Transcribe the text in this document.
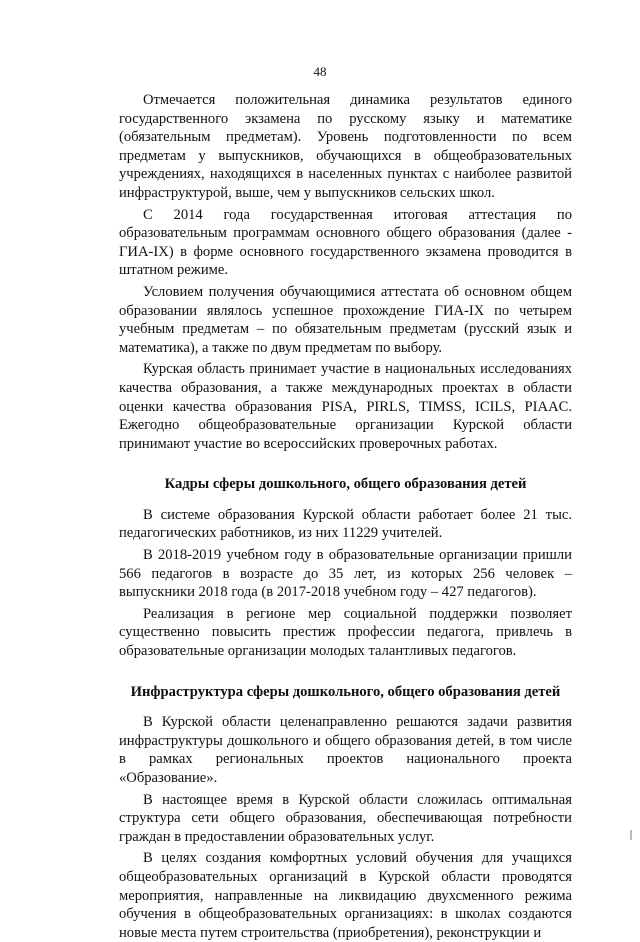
48

Отмечается положительная динамика результатов единого государственного экзамена по русскому языку и математике (обязательным предметам). Уровень подготовленности по всем предметам у выпускников, обучающихся в общеобразовательных учреждениях, находящихся в населенных пунктах с наиболее развитой инфраструктурой, выше, чем у выпускников сельских школ.

С 2014 года государственная итоговая аттестация по образовательным программам основного общего образования (далее - ГИА-IX) в форме основного государственного экзамена проводится в штатном режиме.

Условием получения обучающимися аттестата об основном общем образовании являлось успешное прохождение ГИА-IX по четырем учебным предметам – по обязательным предметам (русский язык и математика), а также по двум предметам по выбору.

Курская область принимает участие в национальных исследованиях качества образования, а также международных проектах в области оценки качества образования PISA, PIRLS, TIMSS, ICILS, PIAAC. Ежегодно общеобразовательные организации Курской области принимают участие во всероссийских проверочных работах.

Кадры сферы дошкольного, общего образования детей

В системе образования Курской области работает более 21 тыс. педагогических работников, из них 11229 учителей.

В 2018-2019 учебном году в образовательные организации пришли 566 педагогов в возрасте до 35 лет, из которых 256 человек – выпускники 2018 года (в 2017-2018 учебном году – 427 педагогов).

Реализация в регионе мер социальной поддержки позволяет существенно повысить престиж профессии педагога, привлечь в образовательные организации молодых талантливых педагогов.

Инфраструктура сферы дошкольного, общего образования детей

В Курской области целенаправленно решаются задачи развития инфраструктуры дошкольного и общего образования детей, в том числе в рамках региональных проектов национального проекта «Образование».

В настоящее время в Курской области сложилась оптимальная структура сети общего образования, обеспечивающая потребности граждан в предоставлении образовательных услуг.

В целях создания комфортных условий обучения для учащихся общеобразовательных организаций в Курской области проводятся мероприятия, направленные на ликвидацию двухсменного режима обучения в общеобразовательных организациях: в школах создаются новые места путем строительства (приобретения), реконструкции и
